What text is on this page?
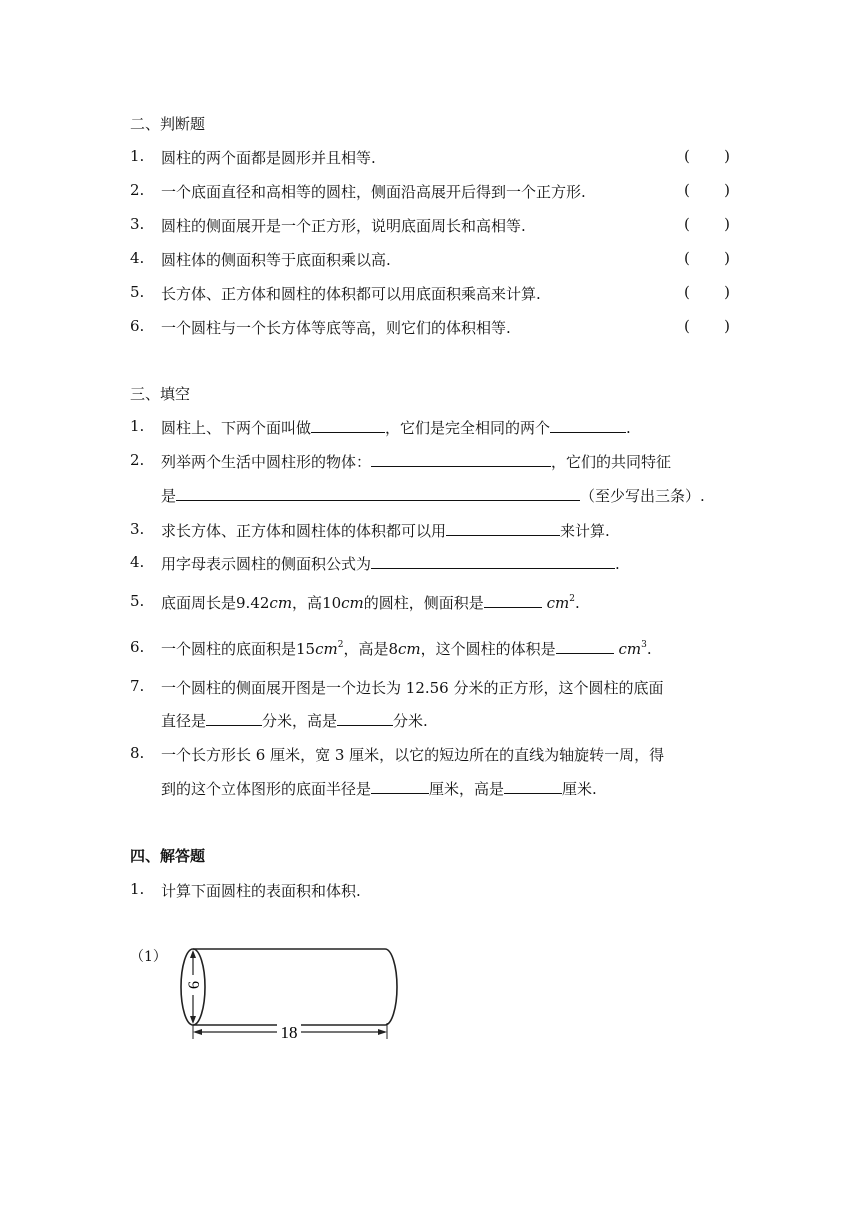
二、判断题
1. 圆柱的两个面都是圆形并且相等.	( )
2. 一个底面直径和高相等的圆柱，侧面沿高展开后得到一个正方形.	( )
3. 圆柱的侧面展开是一个正方形，说明底面周长和高相等.	( )
4. 圆柱体的侧面积等于底面积乘以高.	( )
5. 长方体、正方体和圆柱的体积都可以用底面积乘高来计算.	( )
6. 一个圆柱与一个长方体等底等高，则它们的体积相等.	( )
三、填空
1. 圆柱上、下两个面叫做	，它们是完全相同的两个	.
2. 列举两个生活中圆柱形的物体：	，它们的共同特征
是	（至少写出三条）.
3. 求长方体、正方体和圆柱体的体积都可以用	来计算.
4. 用字母表示圆柱的侧面积公式为	.
5. 底面周长是9.42cm，高10cm的圆柱，侧面积是	$cm^2$.
6. 一个圆柱的底面积是$15cm^2$，高是8cm，这个圆柱的体积是	$cm^3$.
7. 一个圆柱的侧面展开图是一个边长为 12.56 分米的正方形，这个圆柱的底面
直径是	分米，高是	分米.
8. 一个长方形长 6 厘米，宽 3 厘米，以它的短边所在的直线为轴旋转一周，得
到的这个立体图形的底面半径是	厘米，高是	厘米.
四、解答题
1. 计算下面圆柱的表面积和体积.
（1）
6
18
